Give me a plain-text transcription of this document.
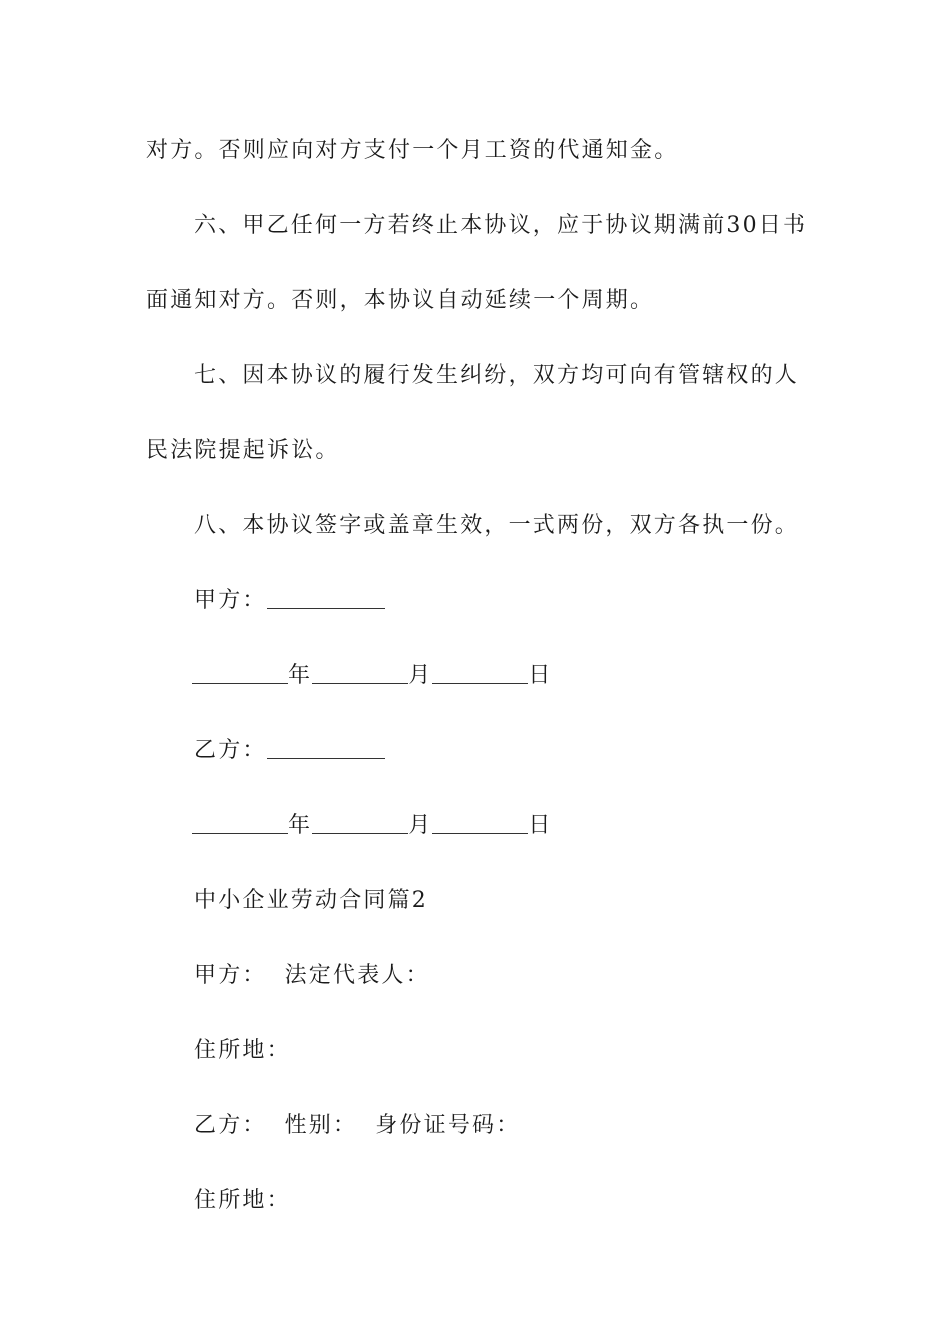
对方。否则应向对方支付一个月工资的代通知金。
六、甲乙任何一方若终止本协议，应于协议期满前30日书
面通知对方。否则，本协议自动延续一个周期。
七、因本协议的履行发生纠纷，双方均可向有管辖权的人
民法院提起诉讼。
八、本协议签字或盖章生效，一式两份，双方各执一份。
甲方：
年	月	日
乙方：
年	月	日
中小企业劳动合同篇2
甲方： 法定代表人：
住所地：
乙方： 性别： 身份证号码：
住所地：
